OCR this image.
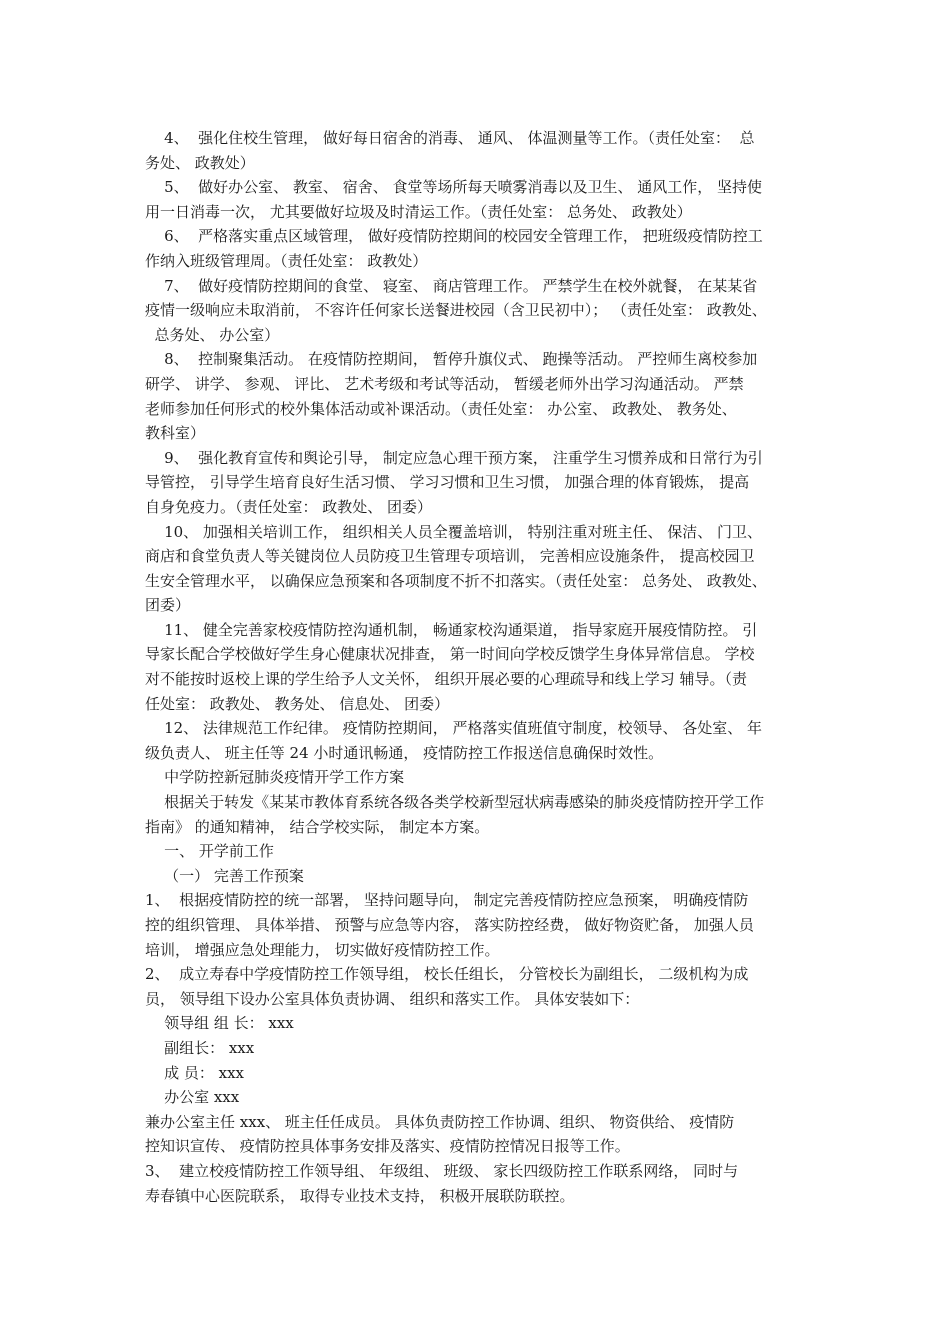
4、  强化住校生管理， 做好每日宿舍的消毒、 通风、 体温测量等工作。（责任处室：  总
务处、 政教处）
5、  做好办公室、 教室、 宿舍、 食堂等场所每天喷雾消毒以及卫生、 通风工作， 坚持使
用一日消毒一次， 尤其要做好垃圾及时清运工作。（责任处室： 总务处、 政教处）
6、  严格落实重点区域管理， 做好疫情防控期间的校园安全管理工作， 把班级疫情防控工
作纳入班级管理周。（责任处室： 政教处）
7、  做好疫情防控期间的食堂、 寝室、 商店管理工作。 严禁学生在校外就餐， 在某某省
疫情一级响应未取消前， 不容许任何家长送餐进校园（含卫民初中）； （责任处室： 政教处、
总务处、 办公室）
8、  控制聚集活动。 在疫情防控期间， 暂停升旗仪式、 跑操等活动。 严控师生离校参加
研学、 讲学、 参观、 评比、 艺术考级和考试等活动， 暂缓老师外出学习沟通活动。 严禁
老师参加任何形式的校外集体活动或补课活动。（责任处室： 办公室、 政教处、 教务处、
教科室）
9、  强化教育宣传和舆论引导， 制定应急心理干预方案， 注重学生习惯养成和日常行为引
导管控， 引导学生培育良好生活习惯、 学习习惯和卫生习惯， 加强合理的体育锻炼， 提高
自身免疫力。（责任处室： 政教处、 团委）
10、 加强相关培训工作， 组织相关人员全覆盖培训， 特别注重对班主任、 保洁、 门卫、
商店和食堂负责人等关键岗位人员防疫卫生管理专项培训， 完善相应设施条件， 提高校园卫
生安全管理水平， 以确保应急预案和各项制度不折不扣落实。（责任处室： 总务处、 政教处、
团委）
11、 健全完善家校疫情防控沟通机制， 畅通家校沟通渠道， 指导家庭开展疫情防控。 引
导家长配合学校做好学生身心健康状况排查， 第一时间向学校反馈学生身体异常信息。 学校
对不能按时返校上课的学生给予人文关怀， 组织开展必要的心理疏导和线上学习 辅导。（责
任处室： 政教处、 教务处、 信息处、 团委）
12、 法律规范工作纪律。 疫情防控期间， 严格落实值班值守制度，校领导、 各处室、 年
级负责人、 班主任等 24 小时通讯畅通， 疫情防控工作报送信息确保时效性。
中学防控新冠肺炎疫情开学工作方案
根据关于转发《某某市教体育系统各级各类学校新型冠状病毒感染的肺炎疫情防控开学工作
指南》 的通知精神， 结合学校实际， 制定本方案。
一、 开学前工作
（一） 完善工作预案
1、  根据疫情防控的统一部署， 坚持问题导向， 制定完善疫情防控应急预案， 明确疫情防
控的组织管理、 具体举措、 预警与应急等内容， 落实防控经费， 做好物资贮备， 加强人员
培训， 增强应急处理能力， 切实做好疫情防控工作。
2、  成立寿春中学疫情防控工作领导组， 校长任组长， 分管校长为副组长， 二级机构为成
员， 领导组下设办公室具体负责协调、 组织和落实工作。 具体安装如下：
领导组 组 长： xxx
副组长： xxx
成 员： xxx
办公室 xxx
兼办公室主任 xxx、 班主任任成员。 具体负责防控工作协调、组织、 物资供给、 疫情防
控知识宣传、 疫情防控具体事务安排及落实、疫情防控情况日报等工作。
3、  建立校疫情防控工作领导组、 年级组、 班级、 家长四级防控工作联系网络， 同时与
寿春镇中心医院联系， 取得专业技术支持， 积极开展联防联控。
